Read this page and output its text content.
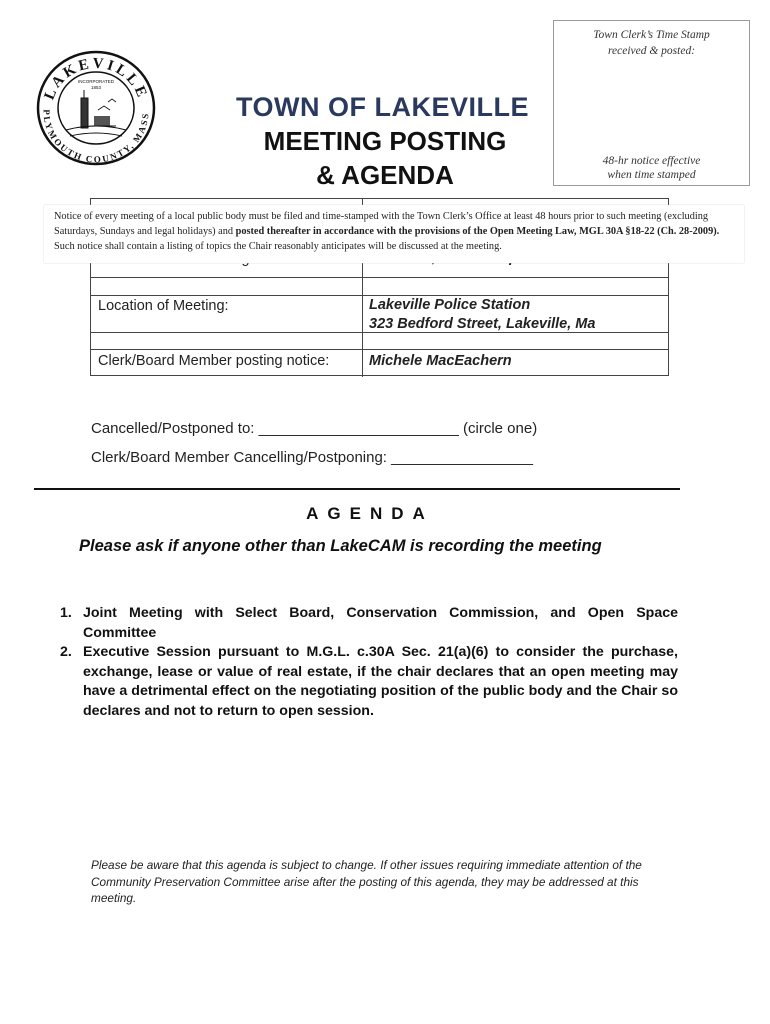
LAKEVILLE
PLYMOUTH COUNTY, MASS
INCORPORATED
1853
TOWN OF LAKEVILLE
MEETING POSTING
& AGENDA
Town Clerk’s Time Stamp
received & posted:
48-hr notice effective
when time stamped
Location of Meeting:	Lakeville Police Station
323 Bedford Street, Lakeville, Ma
Clerk/Board Member posting notice:	Michele MacEachern
Notice of every meeting of a local public body must be filed and time-stamped with the Town Clerk’s Office at least 48 hours prior to such meeting (excluding Saturdays, Sundays and legal holidays) and posted thereafter in accordance with the provisions of the Open Meeting Law, MGL 30A §18-22 (Ch. 28-2009). Such notice shall contain a listing of topics the Chair reasonably anticipates will be discussed at the meeting.
Cancelled/Postponed to: ________________________ (circle one)
Clerk/Board Member Cancelling/Postponing: _________________
AGENDA
Please ask if anyone other than LakeCAM is recording the meeting
1. Joint Meeting with Select Board, Conservation Commission, and Open Space Committee
2. Executive Session pursuant to M.G.L. c.30A Sec. 21(a)(6) to consider the purchase, exchange, lease or value of real estate, if the chair declares that an open meeting may have a detrimental effect on the negotiating position of the public body and the Chair so declares and not to return to open session.
Please be aware that this agenda is subject to change. If other issues requiring immediate attention of the Community Preservation Committee arise after the posting of this agenda, they may be addressed at this meeting.
